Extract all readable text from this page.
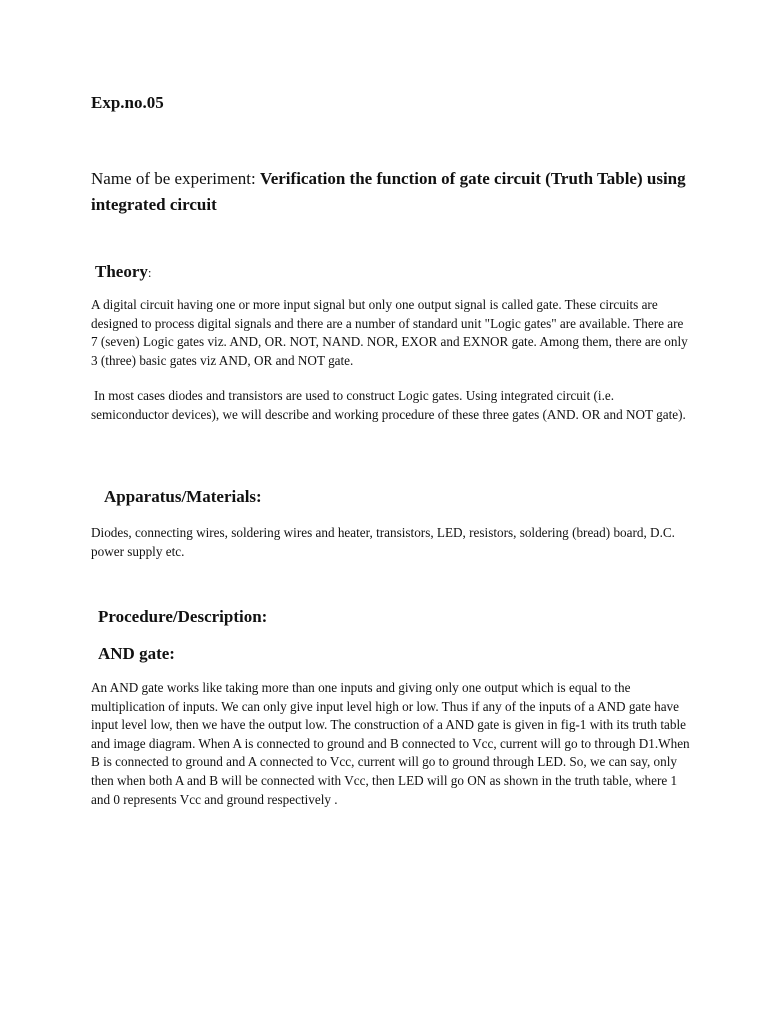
Exp.no.05

Name of be experiment: Verification the function of gate circuit (Truth Table) using integrated circuit

Theory:

A digital circuit having one or more input signal but only one output signal is called gate. These circuits are designed to process digital signals and there are a number of standard unit "Logic gates" are available. There are 7 (seven) Logic gates viz. AND, OR. NOT, NAND. NOR, EXOR and EXNOR gate. Among them, there are only 3 (three) basic gates viz AND, OR and NOT gate.

In most cases diodes and transistors are used to construct Logic gates. Using integrated circuit (i.e. semiconductor devices), we will describe and working procedure of these three gates (AND. OR and NOT gate).

Apparatus/Materials:

Diodes, connecting wires, soldering wires and heater, transistors, LED, resistors, soldering (bread) board, D.C. power supply etc.

Procedure/Description:

AND gate:

An AND gate works like taking more than one inputs and giving only one output which is equal to the multiplication of inputs. We can only give input level high or low. Thus if any of the inputs of a AND gate have input level low, then we have the output low. The construction of a AND gate is given in fig-1 with its truth table and image diagram. When A is connected to ground and B connected to Vcc, current will go to through D1.When B is connected to ground and A connected to Vcc, current will go to ground through LED. So, we can say, only then when both A and B will be connected with Vcc, then LED will go ON as shown in the truth table, where 1 and 0 represents Vcc and ground respectively .
